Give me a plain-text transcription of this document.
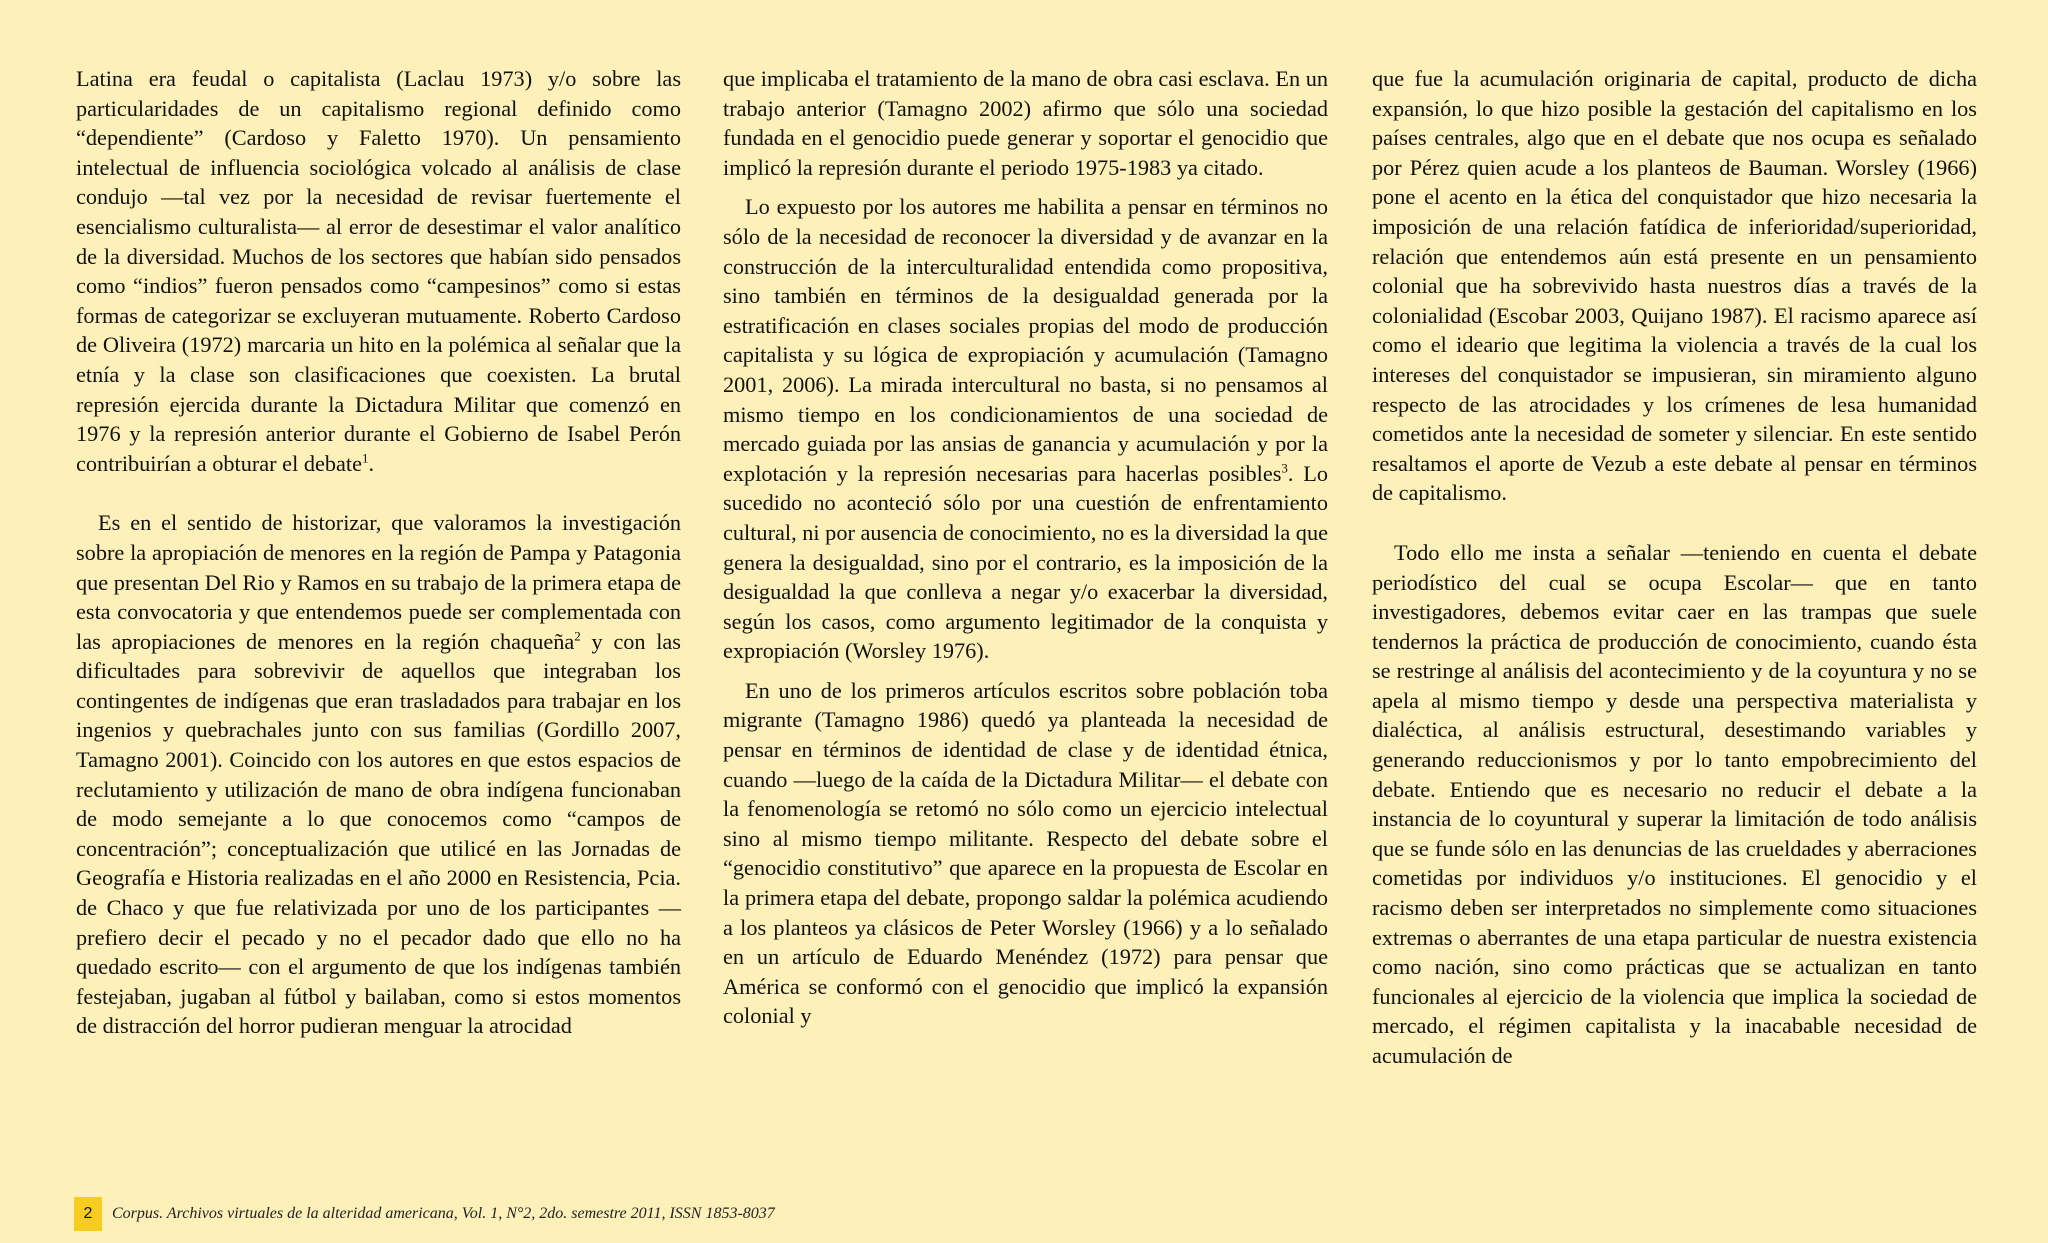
Latina era feudal o capitalista (Laclau 1973) y/o sobre las particularidades de un capitalismo regional definido como “dependiente” (Cardoso y Faletto 1970). Un pensamiento intelectual de influencia sociológica volcado al análisis de clase condujo —tal vez por la necesidad de revisar fuertemente el esencialismo culturalista— al error de desestimar el valor analítico de la diversidad. Muchos de los sectores que habían sido pensados como “indios” fueron pensados como “campesinos” como si estas formas de categorizar se excluyeran mutuamente. Roberto Cardoso de Oliveira (1972) marcaria un hito en la polémica al señalar que la etnía y la clase son clasificaciones que coexisten. La brutal represión ejercida durante la Dictadura Militar que comenzó en 1976 y la represión anterior durante el Gobierno de Isabel Perón contribuirían a obturar el debate$^1$.

Es en el sentido de historizar, que valoramos la investigación sobre la apropiación de menores en la región de Pampa y Patagonia que presentan Del Rio y Ramos en su trabajo de la primera etapa de esta convocatoria y que entendemos puede ser complementada con las apropiaciones de menores en la región chaqueña$^2$ y con las dificultades para sobrevivir de aquellos que integraban los contingentes de indígenas que eran trasladados para trabajar en los ingenios y quebrachales junto con sus familias (Gordillo 2007, Tamagno 2001). Coincido con los autores en que estos espacios de reclutamiento y utilización de mano de obra indígena funcionaban de modo semejante a lo que conocemos como “campos de concentración”; conceptualización que utilicé en las Jornadas de Geografía e Historia realizadas en el año 2000 en Resistencia, Pcia. de Chaco y que fue relativizada por uno de los participantes —prefiero decir el pecado y no el pecador dado que ello no ha quedado escrito— con el argumento de que los indígenas también festejaban, jugaban al fútbol y bailaban, como si estos momentos de distracción del horror pudieran menguar la atrocidad

que implicaba el tratamiento de la mano de obra casi esclava. En un trabajo anterior (Tamagno 2002) afirmo que sólo una sociedad fundada en el genocidio puede generar y soportar el genocidio que implicó la represión durante el periodo 1975-1983 ya citado.

Lo expuesto por los autores me habilita a pensar en términos no sólo de la necesidad de reconocer la diversidad y de avanzar en la construcción de la interculturalidad entendida como propositiva, sino también en términos de la desigualdad generada por la estratificación en clases sociales propias del modo de producción capitalista y su lógica de expropiación y acumulación (Tamagno 2001, 2006). La mirada intercultural no basta, si no pensamos al mismo tiempo en los condicionamientos de una sociedad de mercado guiada por las ansias de ganancia y acumulación y por la explotación y la represión necesarias para hacerlas posibles$^3$. Lo sucedido no aconteció sólo por una cuestión de enfrentamiento cultural, ni por ausencia de conocimiento, no es la diversidad la que genera la desigualdad, sino por el contrario, es la imposición de la desigualdad la que conlleva a negar y/o exacerbar la diversidad, según los casos, como argumento legitimador de la conquista y expropiación (Worsley 1976).

En uno de los primeros artículos escritos sobre población toba migrante (Tamagno 1986) quedó ya planteada la necesidad de pensar en términos de identidad de clase y de identidad étnica, cuando —luego de la caída de la Dictadura Militar— el debate con la fenomenología se retomó no sólo como un ejercicio intelectual sino al mismo tiempo militante. Respecto del debate sobre el “genocidio constitutivo” que aparece en la propuesta de Escolar en la primera etapa del debate, propongo saldar la polémica acudiendo a los planteos ya clásicos de Peter Worsley (1966) y a lo señalado en un artículo de Eduardo Menéndez (1972) para pensar que América se conformó con el genocidio que implicó la expansión colonial y

que fue la acumulación originaria de capital, producto de dicha expansión, lo que hizo posible la gestación del capitalismo en los países centrales, algo que en el debate que nos ocupa es señalado por Pérez quien acude a los planteos de Bauman. Worsley (1966) pone el acento en la ética del conquistador que hizo necesaria la imposición de una relación fatídica de inferioridad/superioridad, relación que entendemos aún está presente en un pensamiento colonial que ha sobrevivido hasta nuestros días a través de la colonialidad (Escobar 2003, Quijano 1987). El racismo aparece así como el ideario que legitima la violencia a través de la cual los intereses del conquistador se impusieran, sin miramiento alguno respecto de las atrocidades y los crímenes de lesa humanidad cometidos ante la necesidad de someter y silenciar. En este sentido resaltamos el aporte de Vezub a este debate al pensar en términos de capitalismo.

Todo ello me insta a señalar —teniendo en cuenta el debate periodístico del cual se ocupa Escolar— que en tanto investigadores, debemos evitar caer en las trampas que suele tendernos la práctica de producción de conocimiento, cuando ésta se restringe al análisis del acontecimiento y de la coyuntura y no se apela al mismo tiempo y desde una perspectiva materialista y dialéctica, al análisis estructural, desestimando variables y generando reduccionismos y por lo tanto empobrecimiento del debate. Entiendo que es necesario no reducir el debate a la instancia de lo coyuntural y superar la limitación de todo análisis que se funde sólo en las denuncias de las crueldades y aberraciones cometidas por individuos y/o instituciones. El genocidio y el racismo deben ser interpretados no simplemente como situaciones extremas o aberrantes de una etapa particular de nuestra existencia como nación, sino como prácticas que se actualizan en tanto funcionales al ejercicio de la violencia que implica la sociedad de mercado, el régimen capitalista y la inacabable necesidad de acumulación de

2	Corpus. Archivos virtuales de la alteridad americana, Vol. 1, N°2, 2do. semestre 2011, ISSN 1853-8037
